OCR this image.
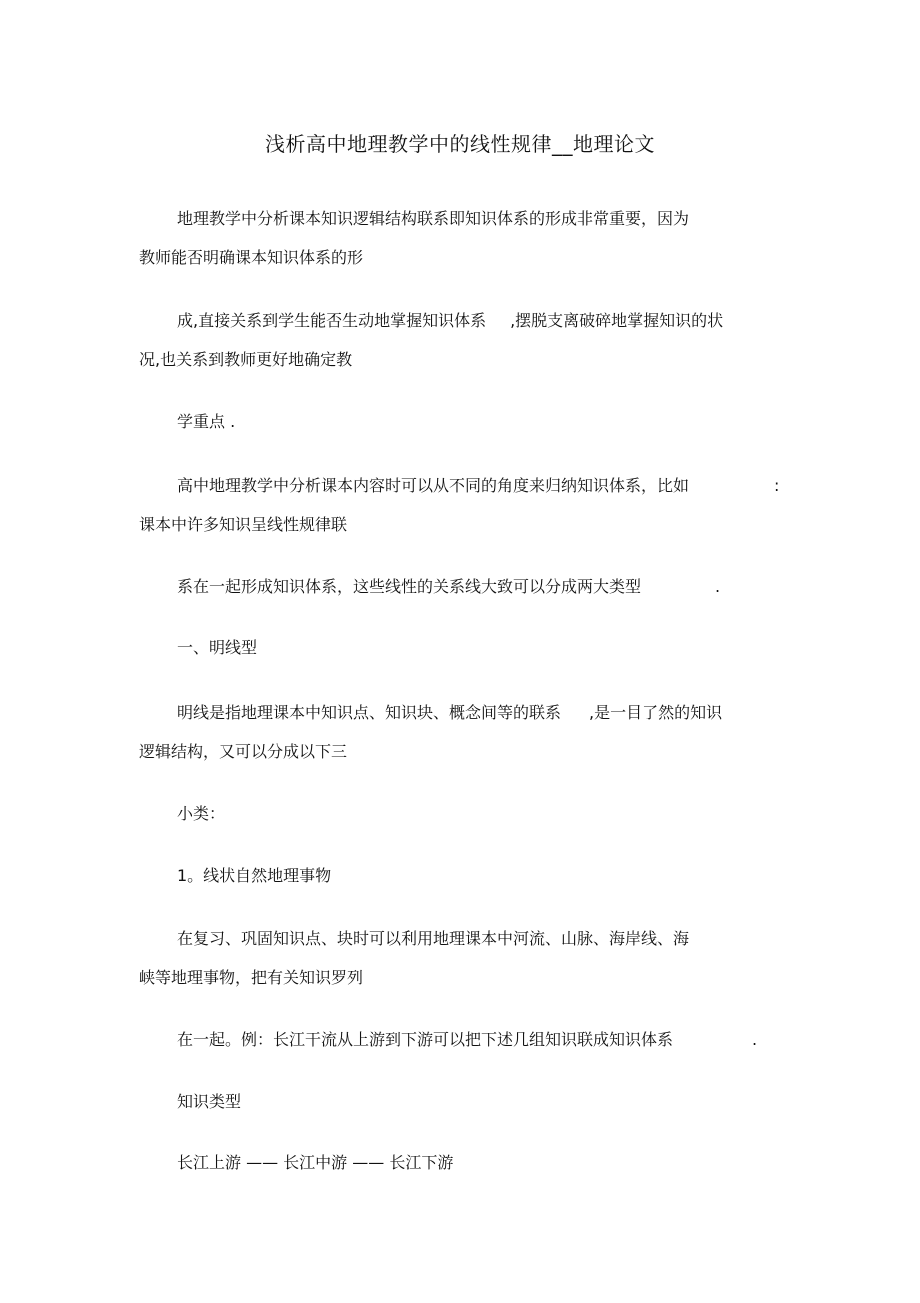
浅析高中地理教学中的线性规律__地理论文
地理教学中分析课本知识逻辑结构联系即知识体系的形成非常重要，因为
教师能否明确课本知识体系的形
成,直接关系到学生能否生动地掌握知识体系 ,摆脱支离破碎地掌握知识的状
况,也关系到教师更好地确定教
学重点 .
高中地理教学中分析课本内容时可以从不同的角度来归纳知识体系，比如	:
课本中许多知识呈线性规律联
系在一起形成知识体系，这些线性的关系线大致可以分成两大类型	.
一、明线型
明线是指地理课本中知识点、知识块、概念间等的联系 ,是一目了然的知识
逻辑结构，又可以分成以下三
小类：
1。线状自然地理事物
在复习、巩固知识点、块时可以利用地理课本中河流、山脉、海岸线、海
峡等地理事物，把有关知识罗列
在一起。例：长江干流从上游到下游可以把下述几组知识联成知识体系	.
知识类型
长江上游 —— 长江中游 —— 长江下游
